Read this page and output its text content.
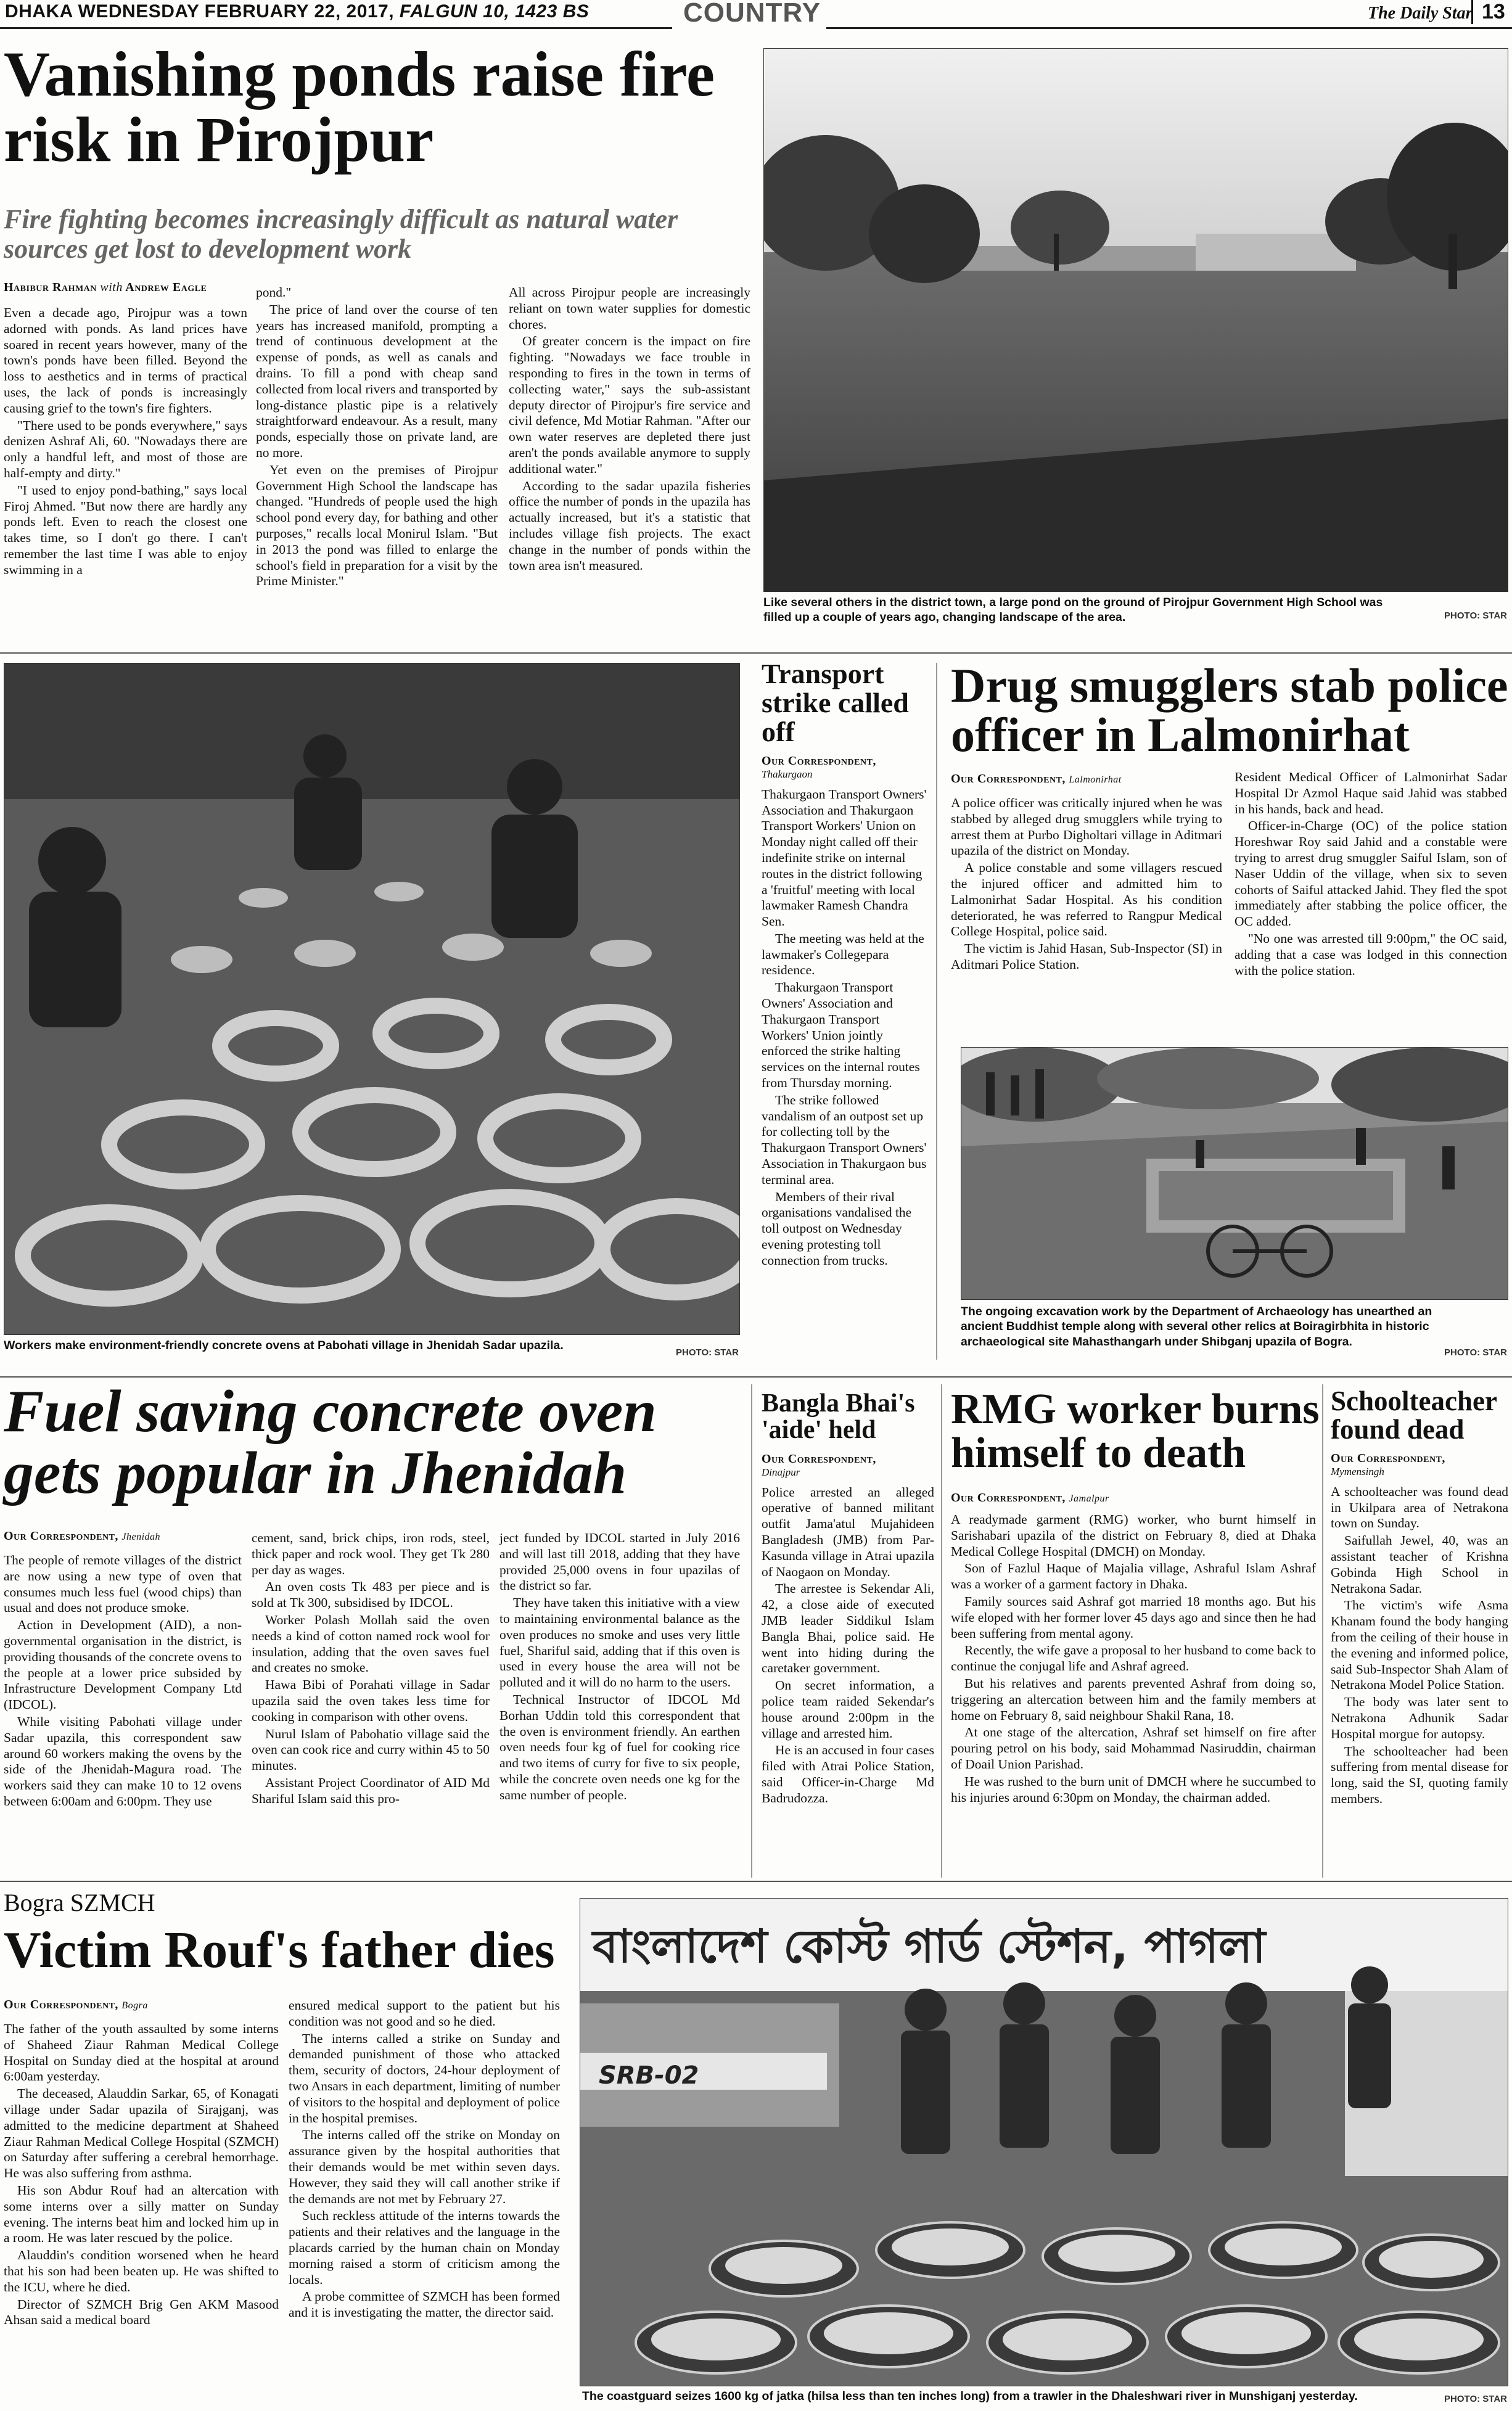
DHAKA WEDNESDAY FEBRUARY 22, 2017, FALGUN 10, 1423 BS	COUNTRY	The Daily Star 13
Vanishing ponds raise fire risk in Pirojpur
Fire fighting becomes increasingly difficult as natural water sources get lost to development work
Habibur Rahman with Andrew Eagle

Even a decade ago, Pirojpur was a town adorned with ponds. As land prices have soared in recent years however, many of the town's ponds have been filled. Beyond the loss to aesthetics and in terms of practical uses, the lack of ponds is increasingly causing grief to the town's fire fighters.

"There used to be ponds everywhere," says denizen Ashraf Ali, 60. "Nowadays there are only a handful left, and most of those are half-empty and dirty."

"I used to enjoy pond-bathing," says local Firoj Ahmed. "But now there are hardly any ponds left. Even to reach the closest one takes time, so I don't go there. I can't remember the last time I was able to enjoy swimming in a

pond."

The price of land over the course of ten years has increased manifold, prompting a trend of continuous development at the expense of ponds, as well as canals and drains. To fill a pond with cheap sand collected from local rivers and transported by long-distance plastic pipe is a relatively straightforward endeavour. As a result, many ponds, especially those on private land, are no more.

Yet even on the premises of Pirojpur Government High School the landscape has changed. "Hundreds of people used the high school pond every day, for bathing and other purposes," recalls local Monirul Islam. "But in 2013 the pond was filled to enlarge the school's field in preparation for a visit by the Prime Minister."

All across Pirojpur people are increasingly reliant on town water supplies for domestic chores.

Of greater concern is the impact on fire fighting. "Nowadays we face trouble in responding to fires in the town in terms of collecting water," says the sub-assistant deputy director of Pirojpur's fire service and civil defence, Md Motiar Rahman. "After our own water reserves are depleted there just aren't the ponds available anymore to supply additional water."

According to the sadar upazila fisheries office the number of ponds in the upazila has actually increased, but it's a statistic that includes village fish projects. The exact change in the number of ponds within the town area isn't measured.

Like several others in the district town, a large pond on the ground of Pirojpur Government High School was filled up a couple of years ago, changing landscape of the area.	PHOTO: STAR
Workers make environment-friendly concrete ovens at Pabohati village in Jhenidah Sadar upazila.
PHOTO: STAR
Transport strike called off
Our Correspondent,
Thakurgaon

Thakurgaon Transport Owners' Association and Thakurgaon Transport Workers' Union on Monday night called off their indefinite strike on internal routes in the district following a 'fruitful' meeting with local lawmaker Ramesh Chandra Sen.

The meeting was held at the lawmaker's Collegepara residence.

Thakurgaon Transport Owners' Association and Thakurgaon Transport Workers' Union jointly enforced the strike halting services on the internal routes from Thursday morning.

The strike followed vandalism of an outpost set up for collecting toll by the Thakurgaon Transport Owners' Association in Thakurgaon bus terminal area.

Members of their rival organisations vandalised the toll outpost on Wednesday evening protesting toll connection from trucks.

Drug smugglers stab police officer in Lalmonirhat
Our Correspondent, Lalmonirhat

A police officer was critically injured when he was stabbed by alleged drug smugglers while trying to arrest them at Purbo Digholtari village in Aditmari upazila of the district on Monday.

A police constable and some villagers rescued the injured officer and admitted him to Lalmonirhat Sadar Hospital. As his condition deteriorated, he was referred to Rangpur Medical College Hospital, police said.

The victim is Jahid Hasan, Sub-Inspector (SI) in Aditmari Police Station.

Resident Medical Officer of Lalmonirhat Sadar Hospital Dr Azmol Haque said Jahid was stabbed in his hands, back and head.

Officer-in-Charge (OC) of the police station Horeshwar Roy said Jahid and a constable were trying to arrest drug smuggler Saiful Islam, son of Naser Uddin of the village, when six to seven cohorts of Saiful attacked Jahid. They fled the spot immediately after stabbing the police officer, the OC added.

"No one was arrested till 9:00pm," the OC said, adding that a case was lodged in this connection with the police station.

The ongoing excavation work by the Department of Archaeology has unearthed an ancient Buddhist temple along with several other relics at Boiragirbhita in historic archaeological site Mahasthangarh under Shibganj upazila of Bogra.
PHOTO: STAR
Fuel saving concrete oven gets popular in Jhenidah
Our Correspondent, Jhenidah

The people of remote villages of the district are now using a new type of oven that consumes much less fuel (wood chips) than usual and does not produce smoke.

Action in Development (AID), a non-governmental organisation in the district, is providing thousands of the concrete ovens to the people at a lower price subsided by Infrastructure Development Company Ltd (IDCOL).

While visiting Pabohati village under Sadar upazila, this correspondent saw around 60 workers making the ovens by the side of the Jhenidah-Magura road. The workers said they can make 10 to 12 ovens between 6:00am and 6:00pm. They use

cement, sand, brick chips, iron rods, steel, thick paper and rock wool. They get Tk 280 per day as wages.

An oven costs Tk 483 per piece and is sold at Tk 300, subsidised by IDCOL.

Worker Polash Mollah said the oven needs a kind of cotton named rock wool for insulation, adding that the oven saves fuel and creates no smoke.

Hawa Bibi of Porahati village in Sadar upazila said the oven takes less time for cooking in comparison with other ovens.

Nurul Islam of Pabohatio village said the oven can cook rice and curry within 45 to 50 minutes.

Assistant Project Coordinator of AID Md Shariful Islam said this pro-

ject funded by IDCOL started in July 2016 and will last till 2018, adding that they have provided 25,000 ovens in four upazilas of the district so far.

They have taken this initiative with a view to maintaining environmental balance as the oven produces no smoke and uses very little fuel, Shariful said, adding that if this oven is used in every house the area will not be polluted and it will do no harm to the users.

Technical Instructor of IDCOL Md Borhan Uddin told this correspondent that the oven is environment friendly. An earthen oven needs four kg of fuel for cooking rice and two items of curry for five to six people, while the concrete oven needs one kg for the same number of people.

Bangla Bhai's 'aide' held
Our Correspondent,
Dinajpur

Police arrested an alleged operative of banned militant outfit Jama'atul Mujahideen Bangladesh (JMB) from Par-Kasunda village in Atrai upazila of Naogaon on Monday.

The arrestee is Sekendar Ali, 42, a close aide of executed JMB leader Siddikul Islam Bangla Bhai, police said. He went into hiding during the caretaker government.

On secret information, a police team raided Sekendar's house around 2:00pm in the village and arrested him.

He is an accused in four cases filed with Atrai Police Station, said Officer-in-Charge Md Badrudozza.

RMG worker burns himself to death
Our Correspondent, Jamalpur

A readymade garment (RMG) worker, who burnt himself in Sarishabari upazila of the district on February 8, died at Dhaka Medical College Hospital (DMCH) on Monday.

Son of Fazlul Haque of Majalia village, Ashraful Islam Ashraf was a worker of a garment factory in Dhaka.

Family sources said Ashraf got married 18 months ago. But his wife eloped with her former lover 45 days ago and since then he had been suffering from mental agony.

Recently, the wife gave a proposal to her husband to come back to continue the conjugal life and Ashraf agreed.

But his relatives and parents prevented Ashraf from doing so, triggering an altercation between him and the family members at home on February 8, said neighbour Shakil Rana, 18.

At one stage of the altercation, Ashraf set himself on fire after pouring petrol on his body, said Mohammad Nasiruddin, chairman of Doail Union Parishad.

He was rushed to the burn unit of DMCH where he succumbed to his injuries around 6:30pm on Monday, the chairman added.

Schoolteacher found dead
Our Correspondent,
Mymensingh

A schoolteacher was found dead in Ukilpara area of Netrakona town on Sunday.

Saifullah Jewel, 40, was an assistant teacher of Krishna Gobinda High School in Netrakona Sadar.

The victim's wife Asma Khanam found the body hanging from the ceiling of their house in the evening and informed police, said Sub-Inspector Shah Alam of Netrakona Model Police Station.

The body was later sent to Netrakona Adhunik Sadar Hospital morgue for autopsy.

The schoolteacher had been suffering from mental disease for long, said the SI, quoting family members.

Bogra SZMCH
Victim Rouf's father dies
Our Correspondent, Bogra

The father of the youth assaulted by some interns of Shaheed Ziaur Rahman Medical College Hospital on Sunday died at the hospital at around 6:00am yesterday.

The deceased, Alauddin Sarkar, 65, of Konagati village under Sadar upazila of Sirajganj, was admitted to the medicine department at Shaheed Ziaur Rahman Medical College Hospital (SZMCH) on Saturday after suffering a cerebral hemorrhage. He was also suffering from asthma.

His son Abdur Rouf had an altercation with some interns over a silly matter on Sunday evening. The interns beat him and locked him up in a room. He was later rescued by the police.

Alauddin's condition worsened when he heard that his son had been beaten up. He was shifted to the ICU, where he died.

Director of SZMCH Brig Gen AKM Masood Ahsan said a medical board

ensured medical support to the patient but his condition was not good and so he died.

The interns called a strike on Sunday and demanded punishment of those who attacked them, security of doctors, 24-hour deployment of two Ansars in each department, limiting of number of visitors to the hospital and deployment of police in the hospital premises.

The interns called off the strike on Monday on assurance given by the hospital authorities that their demands would be met within seven days. However, they said they will call another strike if the demands are not met by February 27.

Such reckless attitude of the interns towards the patients and their relatives and the language in the placards carried by the human chain on Monday morning raised a storm of criticism among the locals.

A probe committee of SZMCH has been formed and it is investigating the matter, the director said.

SRB-02
বাংলাদেশ কোস্ট গার্ড স্টেশন, পাগলা
The coastguard seizes 1600 kg of jatka (hilsa less than ten inches long) from a trawler in the Dhaleshwari river in Munshiganj yesterday.	PHOTO: STAR
